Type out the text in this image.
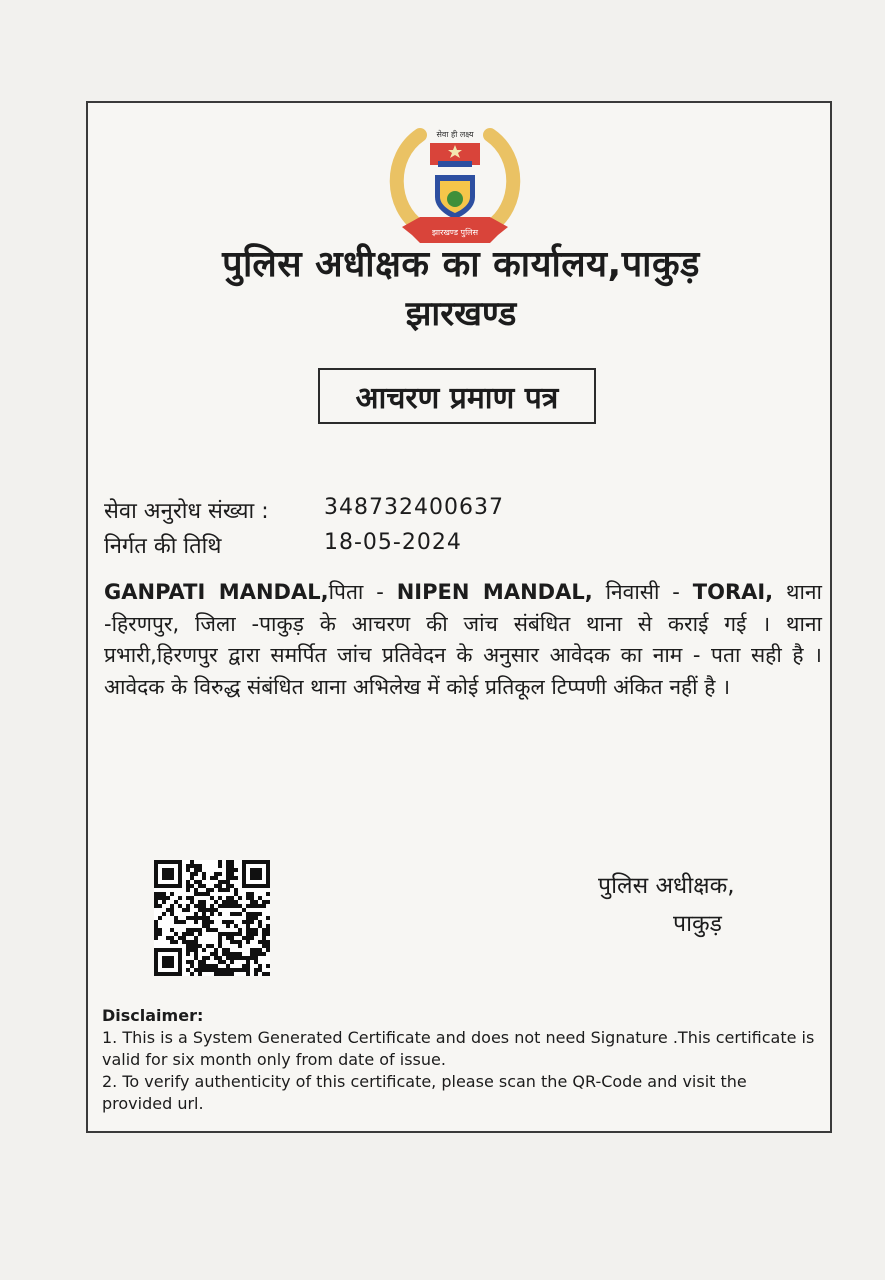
सेवा ही लक्ष्य
झारखण्ड पुलिस
पुलिस अधीक्षक का कार्यालय,पाकुड़
झारखण्ड
आचरण प्रमाण पत्र
सेवा अनुरोध संख्या :	348732400637
निर्गत की तिथि	18-05-2024
GANPATI MANDAL,पिता - NIPEN MANDAL, निवासी - TORAI, थाना -हिरणपुर, जिला -पाकुड़ के आचरण की जांच संबंधित थाना से कराई गई । थाना प्रभारी,हिरणपुर द्वारा समर्पित जांच प्रतिवेदन के अनुसार आवेदक का नाम - पता सही है । आवेदक के विरुद्ध संबंधित थाना अभिलेख में कोई प्रतिकूल टिप्पणी अंकित नहीं है ।
पुलिस अधीक्षक,
पाकुड़
Disclaimer:
1. This is a System Generated Certificate and does not need Signature .This certificate is valid for six month only from date of issue.
2. To verify authenticity of this certificate, please scan the QR-Code and visit the provided url.
